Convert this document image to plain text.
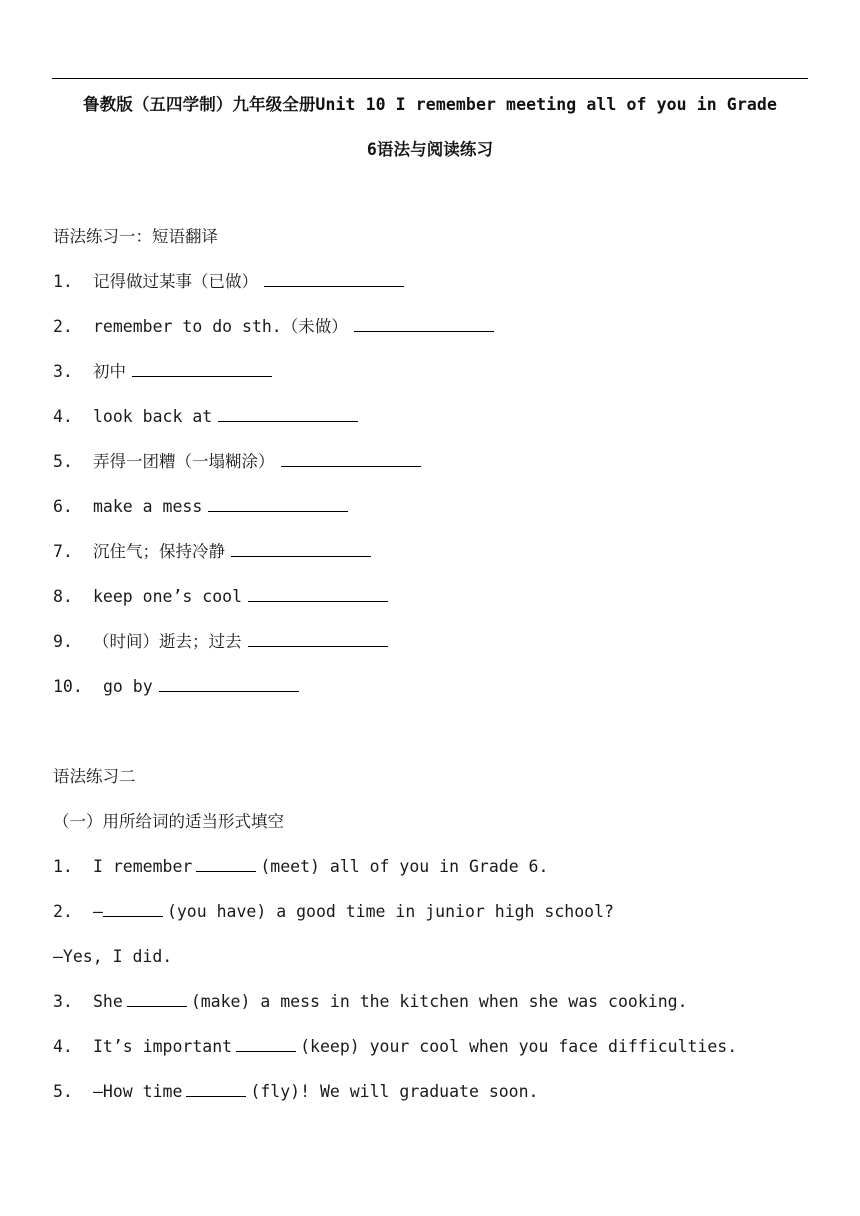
鲁教版（五四学制）九年级全册Unit 10 I remember meeting all of you in Grade
6语法与阅读练习
语法练习一：短语翻译
1. 记得做过某事（已做）
2. remember to do sth.（未做）
3. 初中
4. look back at
5. 弄得一团糟（一塌糊涂）
6. make a mess
7. 沉住气；保持冷静
8. keep one’s cool
9. （时间）逝去；过去
10. go by
语法练习二
（一）用所给词的适当形式填空
1. I remember	(meet) all of you in Grade 6.
2. —	(you have) a good time in junior high school?
—Yes, I did.
3. She	(make) a mess in the kitchen when she was cooking.
4. It’s important	(keep) your cool when you face difficulties.
5. —How time	(fly)! We will graduate soon.
